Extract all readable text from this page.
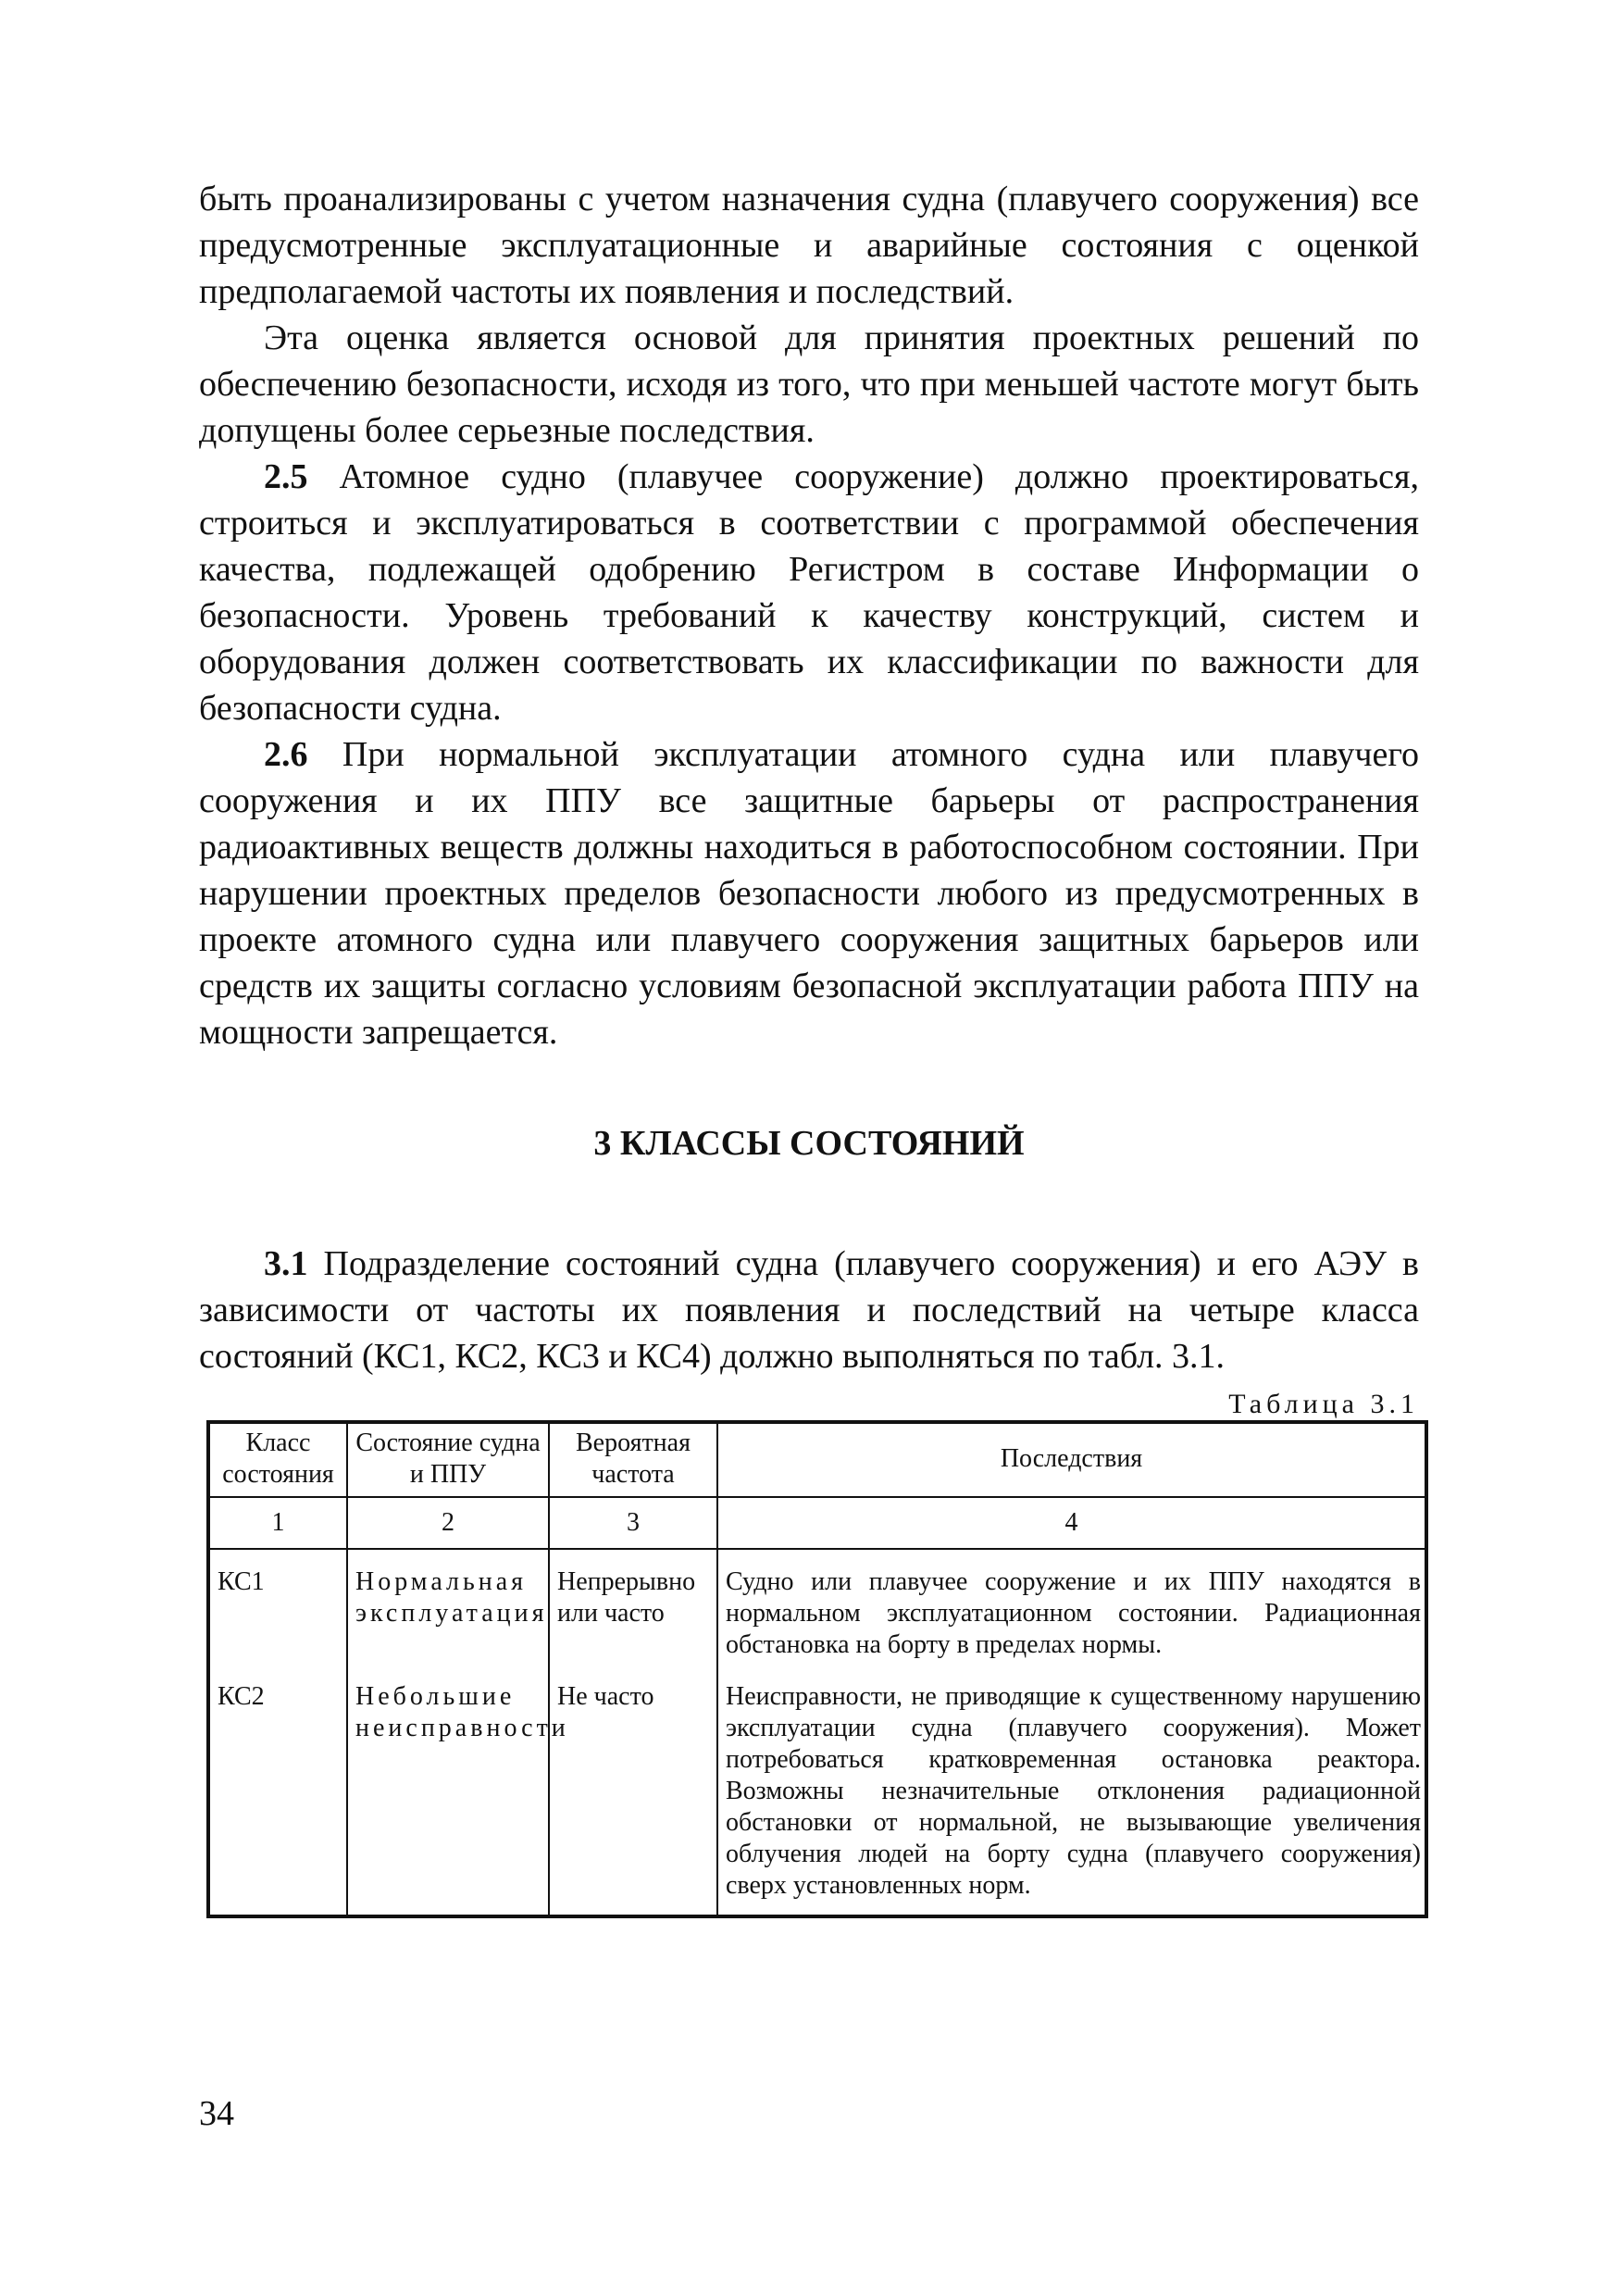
быть проанализированы с учетом назначения судна (плавучего сооружения) все предусмотренные эксплуатационные и аварийные состояния с оценкой предполагаемой частоты их появления и последствий.

Эта оценка является основой для принятия проектных решений по обеспечению безопасности, исходя из того, что при меньшей частоте могут быть допущены более серьезные последствия.

2.5 Атомное судно (плавучее сооружение) должно проектироваться, строиться и эксплуатироваться в соответствии с программой обеспечения качества, подлежащей одобрению Регистром в составе Информации о безопасности. Уровень требований к качеству конструкций, систем и оборудования должен соответствовать их классификации по важности для безопасности судна.

2.6 При нормальной эксплуатации атомного судна или плавучего сооружения и их ППУ все защитные барьеры от распространения радиоактивных веществ должны находиться в работоспособном состоянии. При нарушении проектных пределов безопасности любого из предусмотренных в проекте атомного судна или плавучего сооружения защитных барьеров или средств их защиты согласно условиям безопасной эксплуатации работа ППУ на мощности запрещается.

3 КЛАССЫ СОСТОЯНИЙ

3.1 Подразделение состояний судна (плавучего сооружения) и его АЭУ в зависимости от частоты их появления и последствий на четыре класса состояний (КС1, КС2, КС3 и КС4) должно выполняться по табл. 3.1.

Таблица 3.1
Класс состояния	Состояние судна и ППУ	Вероятная частота	Последствия
1	2	3	4
КС1	Нормальная эксплуатация	Непрерывно или часто	Судно или плавучее сооружение и их ППУ находятся в нормальном эксплуатационном состоянии. Радиационная обстановка на борту в пределах нормы.
КС2	Небольшие неисправности	Не часто	Неисправности, не приводящие к существенному нарушению эксплуатации судна (плавучего сооружения). Может потребоваться кратковременная остановка реактора. Возможны незначительные отклонения радиационной обстановки от нормальной, не вызывающие увеличения облучения людей на борту судна (плавучего сооружения) сверх установленных норм.
34
